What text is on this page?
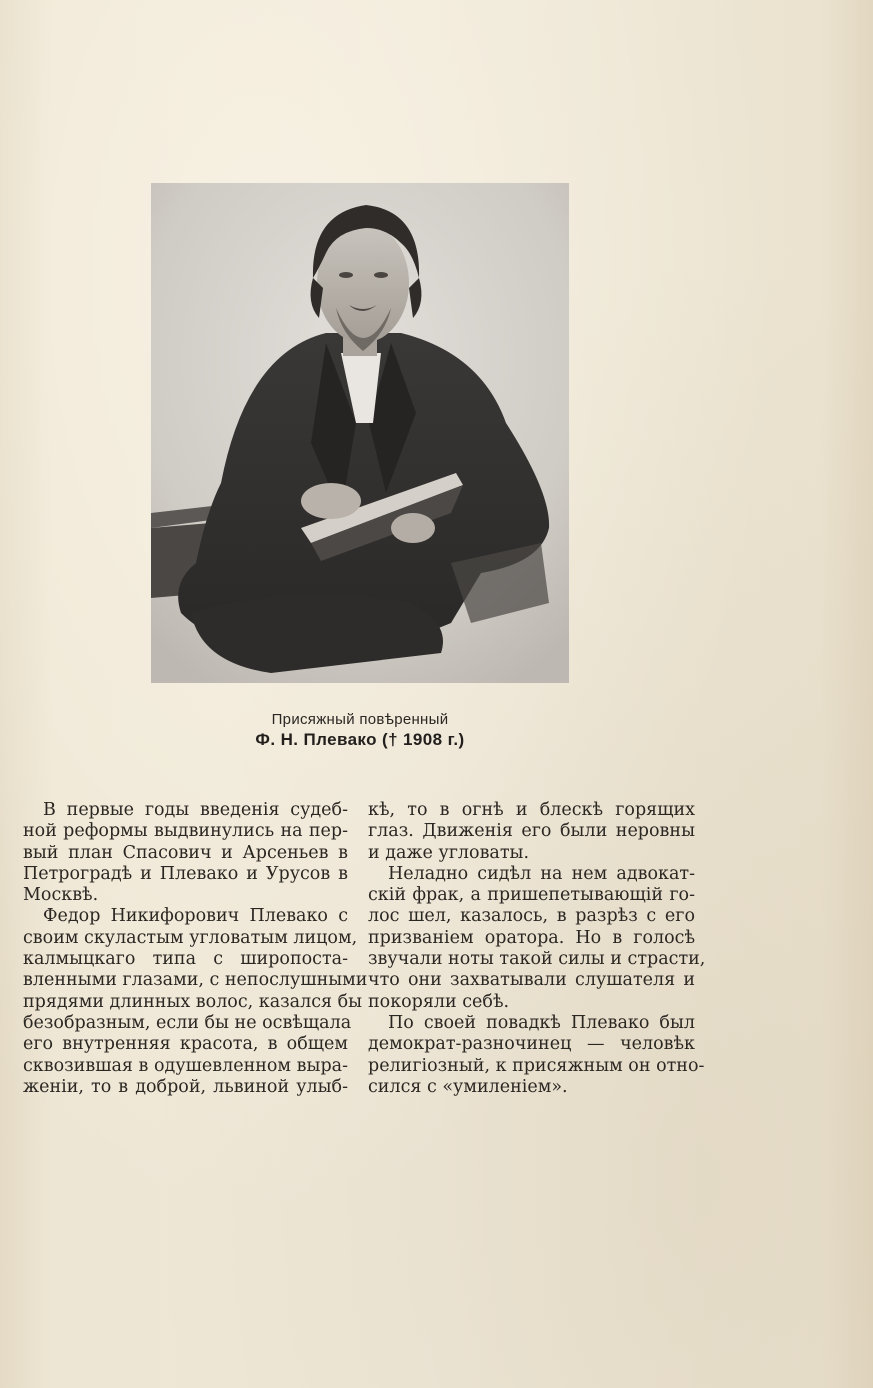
Присяжный повѣренный
Ф. Н. Плевако († 1908 г.)
В первые годы введенія судеб-
ной реформы выдвинулись на пер-
вый план Спасович и Арсеньев в
Петроградѣ и Плевако и Урусов в
Москвѣ.
Федор Никифорович Плевако с
своим скуластым угловатым лицом,
калмыцкаго типа с широпоста-
вленными глазами, с непослушными
прядями длинных волос, казался бы
безобразным, если бы не освѣщала
его внутренняя красота, в общем
сквозившая в одушевленном выра-
женіи, то в доброй, львиной улыб-
кѣ, то в огнѣ и блескѣ горящих
глаз. Движенія его были неровны
и даже угловаты.
Неладно сидѣл на нем адвокат-
скій фрак, а пришепетывающій го-
лос шел, казалось, в разрѣз с его
призваніем оратора. Но в голосѣ
звучали ноты такой силы и страсти,
что они захватывали слушателя и
покоряли себѣ.
По своей повадкѣ Плевако был
демократ-разночинец — человѣк
религіозный, к присяжным он отно-
сился с «умиленіем».
